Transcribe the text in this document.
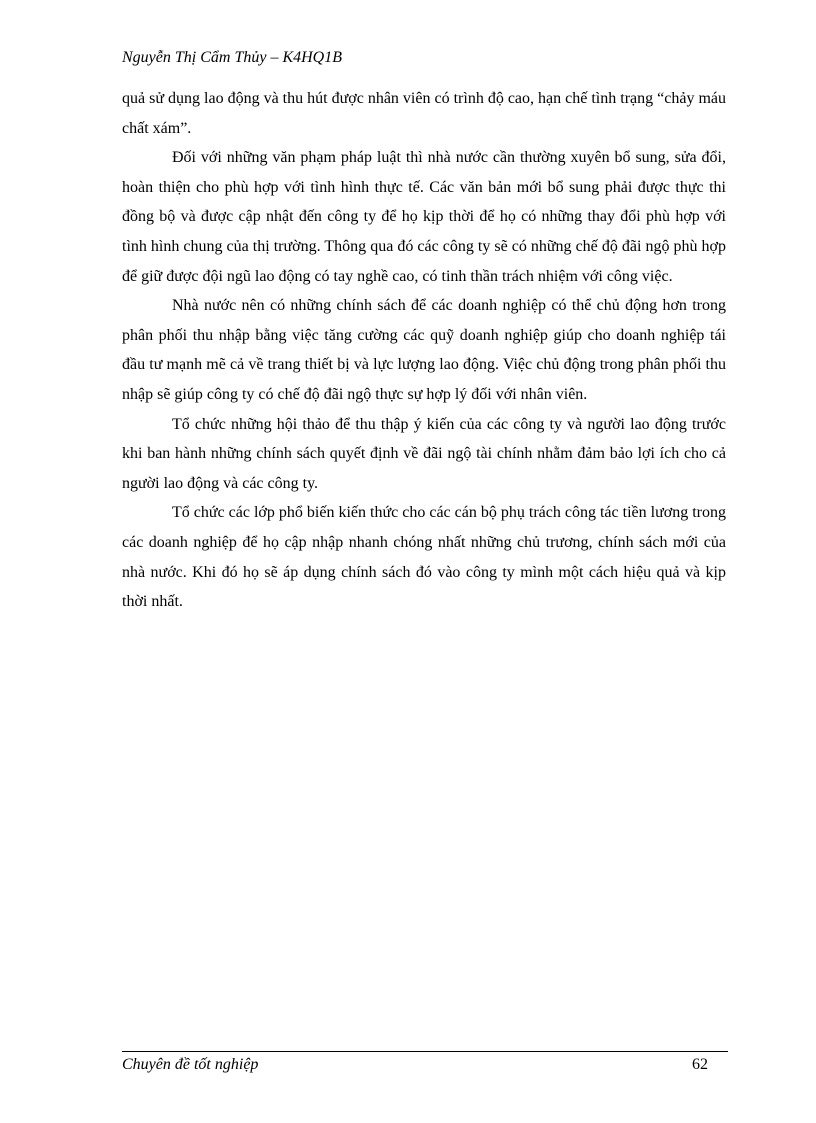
Nguyễn Thị Cẩm Thủy – K4HQ1B

quả sử dụng lao động và thu hút được nhân viên có trình độ cao, hạn chế tình trạng “chảy máu chất xám”.

Đối với những văn phạm pháp luật thì nhà nước cần thường xuyên bổ sung, sửa đổi, hoàn thiện cho phù hợp với tình hình thực tế. Các văn bản mới bổ sung phải được thực thi đồng bộ và được cập nhật đến công ty để họ kịp thời để họ có những thay đổi phù hợp với tình hình chung của thị trường. Thông qua đó các công ty sẽ có những chế độ đãi ngộ phù hợp để giữ được đội ngũ lao động có tay nghề cao, có tinh thần trách nhiệm với công việc.

Nhà nước nên có những chính sách để các doanh nghiệp có thể chủ động hơn trong phân phối thu nhập bằng việc tăng cường các quỹ doanh nghiệp giúp cho doanh nghiệp tái đầu tư mạnh mẽ cả về trang thiết bị và lực lượng lao động. Việc chủ động trong phân phối thu nhập sẽ giúp công ty có chế độ đãi ngộ thực sự hợp lý đối với nhân viên.

Tổ chức những hội thảo để thu thập ý kiến của các công ty và người lao động trước khi ban hành những chính sách quyết định về đãi ngộ tài chính nhằm đảm bảo lợi ích cho cả người lao động và các công ty.

Tổ chức các lớp phổ biến kiến thức cho các cán bộ phụ trách công tác tiền lương trong các doanh nghiệp để họ cập nhập nhanh chóng nhất những chủ trương, chính sách mới của nhà nước. Khi đó họ sẽ áp dụng chính sách đó vào công ty mình một cách hiệu quả và kịp thời nhất.

Chuyên đề tốt nghiệp	62
